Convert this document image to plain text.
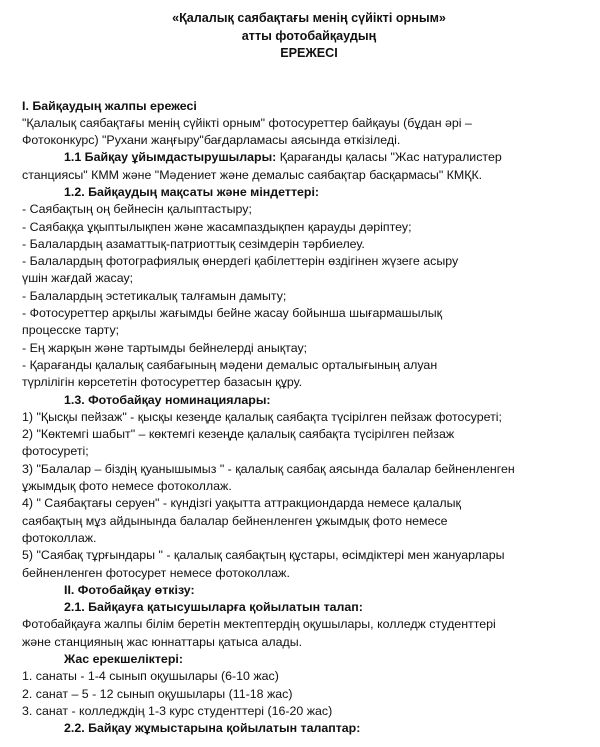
«Қалалық саябақтағы менің сүйікті орным»

атты фотобайқаудың

ЕРЕЖЕСІ

I. Байқаудың жалпы ережесі

"Қалалық саябақтағы менің сүйікті орным" фотосуреттер байқауы (бұдан әрі –

Фотоконкурс) "Рухани жаңғыру"бағдарламасы аясында өткізіледі.

1.1 Байқау ұйымдастырушылары: Қарағанды қаласы "Жас натуралистер

станциясы" КММ және "Мәдениет және демалыс саябақтар басқармасы" КМҚК.

1.2. Байқаудың мақсаты және міндеттері:

- Саябақтың оң бейнесін қалыптастыру;

- Саябаққа ұқыптылықпен және жасампаздықпен қарауды дәріптеу;

- Балалардың азаматтық-патриоттық сезімдерін тәрбиелеу.

- Балалардың фотографиялық өнердегі қабілеттерін өздігінен жүзеге асыру

үшін жағдай жасау;

- Балалардың эстетикалық талғамын дамыту;

- Фотосуреттер арқылы жағымды бейне жасау бойынша шығармашылық

процесске тарту;

- Ең жарқын және тартымды бейнелерді анықтау;

- Қарағанды қалалық саябағының мәдени демалыс орталығының алуан

түрлілігін көрсететін фотосуреттер базасын құру.

1.3. Фотобайқау номинациялары:

1) "Қысқы пейзаж" - қысқы кезеңде қалалық саябақта түсірілген пейзаж фотосуреті;

2) "Көктемгі шабыт" – көктемгі кезеңде қалалық саябақта түсірілген пейзаж

фотосуреті;

3) "Балалар – біздің қуанышымыз " - қалалық саябақ аясында балалар бейненленген

ұжымдық фото немесе фотоколлаж.

4) " Саябақтағы серуен" - күндізгі уақытта аттракциондарда немесе қалалық

саябақтың мұз айдынында балалар бейненленген ұжымдық фото немесе

фотоколлаж.

5) "Саябақ тұрғындары " - қалалық саябақтың құстары, өсімдіктері мен жануарлары

бейненленген фотосурет немесе фотоколлаж.

II. Фотобайқау өткізу:

2.1. Байқауға қатысушыларға қойылатын талап:

Фотобайқауға жалпы білім беретін мектептердің оқушылары, колледж студенттері

және станцияның жас юннаттары қатыса алады.

Жас ерекшеліктері:

1. санаты - 1-4 сынып оқушылары (6-10 жас)

2. санат – 5 - 12 сынып оқушылары (11-18 жас)

3. санат - колледждің 1-3 курс студенттері (16-20 жас)

2.2. Байқау жұмыстарына қойылатын талаптар:
